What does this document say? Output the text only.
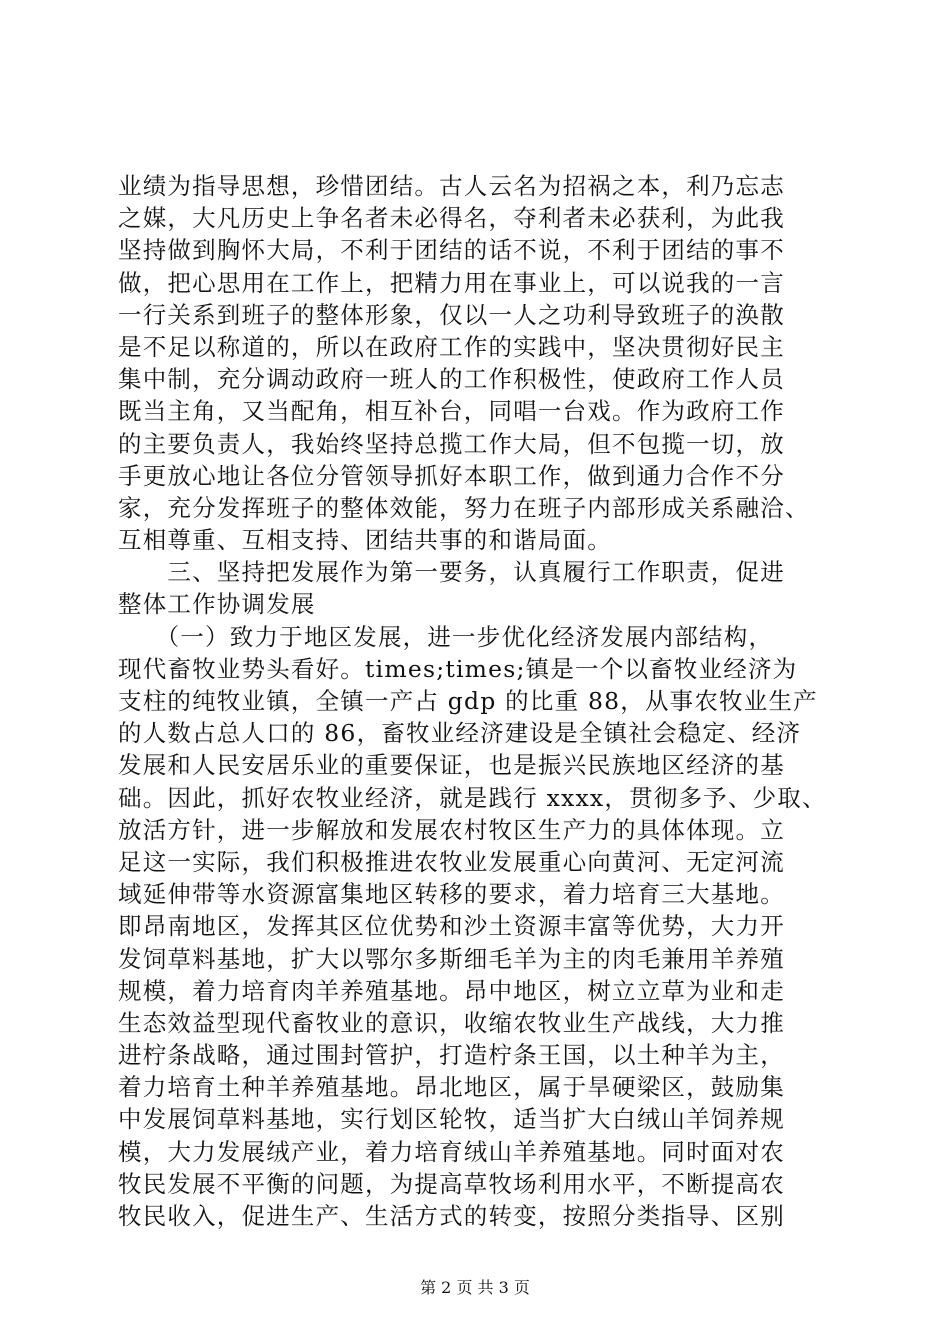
业绩为指导思想，珍惜团结。古人云名为招祸之本，利乃忘志
之媒，大凡历史上争名者未必得名，夺利者未必获利，为此我
坚持做到胸怀大局，不利于团结的话不说，不利于团结的事不
做，把心思用在工作上，把精力用在事业上，可以说我的一言
一行关系到班子的整体形象，仅以一人之功利导致班子的涣散
是不足以称道的，所以在政府工作的实践中，坚决贯彻好民主
集中制，充分调动政府一班人的工作积极性，使政府工作人员
既当主角，又当配角，相互补台，同唱一台戏。作为政府工作
的主要负责人，我始终坚持总揽工作大局，但不包揽一切，放
手更放心地让各位分管领导抓好本职工作，做到通力合作不分
家，充分发挥班子的整体效能，努力在班子内部形成关系融洽、
互相尊重、互相支持、团结共事的和谐局面。
　　三、坚持把发展作为第一要务，认真履行工作职责，促进
整体工作协调发展
　　（一）致力于地区发展，进一步优化经济发展内部结构，
现代畜牧业势头看好。times;times;镇是一个以畜牧业经济为
支柱的纯牧业镇，全镇一产占 gdp 的比重 88，从事农牧业生产
的人数占总人口的 86，畜牧业经济建设是全镇社会稳定、经济
发展和人民安居乐业的重要保证，也是振兴民族地区经济的基
础。因此，抓好农牧业经济，就是践行 xxxx，贯彻多予、少取、
放活方针，进一步解放和发展农村牧区生产力的具体体现。立
足这一实际，我们积极推进农牧业发展重心向黄河、无定河流
域延伸带等水资源富集地区转移的要求，着力培育三大基地。
即昂南地区，发挥其区位优势和沙土资源丰富等优势，大力开
发饲草料基地，扩大以鄂尔多斯细毛羊为主的肉毛兼用羊养殖
规模，着力培育肉羊养殖基地。昂中地区，树立立草为业和走
生态效益型现代畜牧业的意识，收缩农牧业生产战线，大力推
进柠条战略，通过围封管护，打造柠条王国，以土种羊为主，
着力培育土种羊养殖基地。昂北地区，属于旱硬梁区，鼓励集
中发展饲草料基地，实行划区轮牧，适当扩大白绒山羊饲养规
模，大力发展绒产业，着力培育绒山羊养殖基地。同时面对农
牧民发展不平衡的问题，为提高草牧场利用水平，不断提高农
牧民收入，促进生产、生活方式的转变，按照分类指导、区别
第 2 页 共 3 页
